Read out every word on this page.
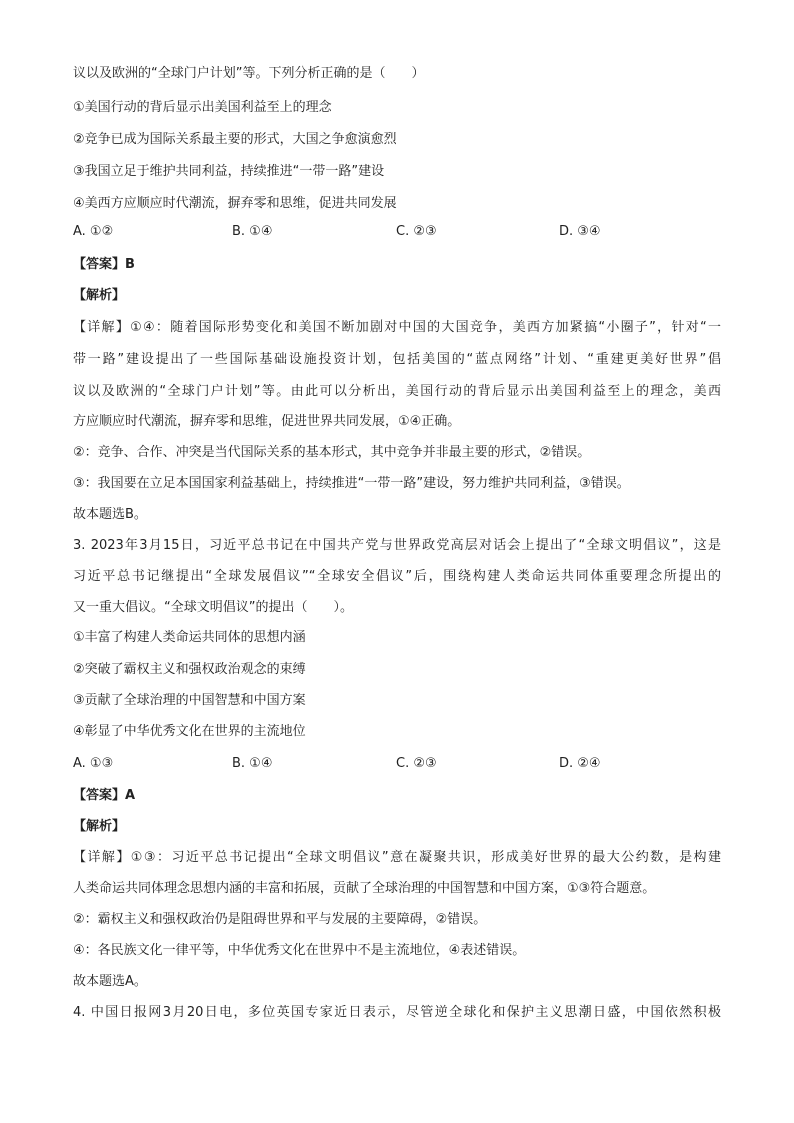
议以及欧洲的“全球门户计划”等。下列分析正确的是（　　）
①美国行动的背后显示出美国利益至上的理念
②竞争已成为国际关系最主要的形式，大国之争愈演愈烈
③我国立足于维护共同利益，持续推进“一带一路”建设
④美西方应顺应时代潮流，摒弃零和思维，促进共同发展
A. ①②	B. ①④	C. ②③	D. ③④
【答案】B
【解析】
【详解】①④：随着国际形势变化和美国不断加剧对中国的大国竞争，美西方加紧搞“小圈子”，针对“一
带一路”建设提出了一些国际基础设施投资计划，包括美国的“蓝点网络”计划、“重建更美好世界”倡
议以及欧洲的“全球门户计划”等。由此可以分析出，美国行动的背后显示出美国利益至上的理念，美西
方应顺应时代潮流，摒弃零和思维，促进世界共同发展，①④正确。
②：竞争、合作、冲突是当代国际关系的基本形式，其中竞争并非最主要的形式，②错误。
③：我国要在立足本国国家利益基础上，持续推进“一带一路”建设，努力维护共同利益，③错误。
故本题选B。
3. 2023年3月15日，习近平总书记在中国共产党与世界政党高层对话会上提出了“全球文明倡议”，这是
习近平总书记继提出“全球发展倡议”“全球安全倡议”后，围绕构建人类命运共同体重要理念所提出的
又一重大倡议。“全球文明倡议”的提出（　　）。
①丰富了构建人类命运共同体的思想内涵
②突破了霸权主义和强权政治观念的束缚
③贡献了全球治理的中国智慧和中国方案
④彰显了中华优秀文化在世界的主流地位
A. ①③	B. ①④	C. ②③	D. ②④
【答案】A
【解析】
【详解】①③：习近平总书记提出“全球文明倡议”意在凝聚共识，形成美好世界的最大公约数，是构建
人类命运共同体理念思想内涵的丰富和拓展，贡献了全球治理的中国智慧和中国方案，①③符合题意。
②：霸权主义和强权政治仍是阻碍世界和平与发展的主要障碍，②错误。
④：各民族文化一律平等，中华优秀文化在世界中不是主流地位，④表述错误。
故本题选A。
4. 中国日报网3月20日电，多位英国专家近日表示，尽管逆全球化和保护主义思潮日盛，中国依然积极
